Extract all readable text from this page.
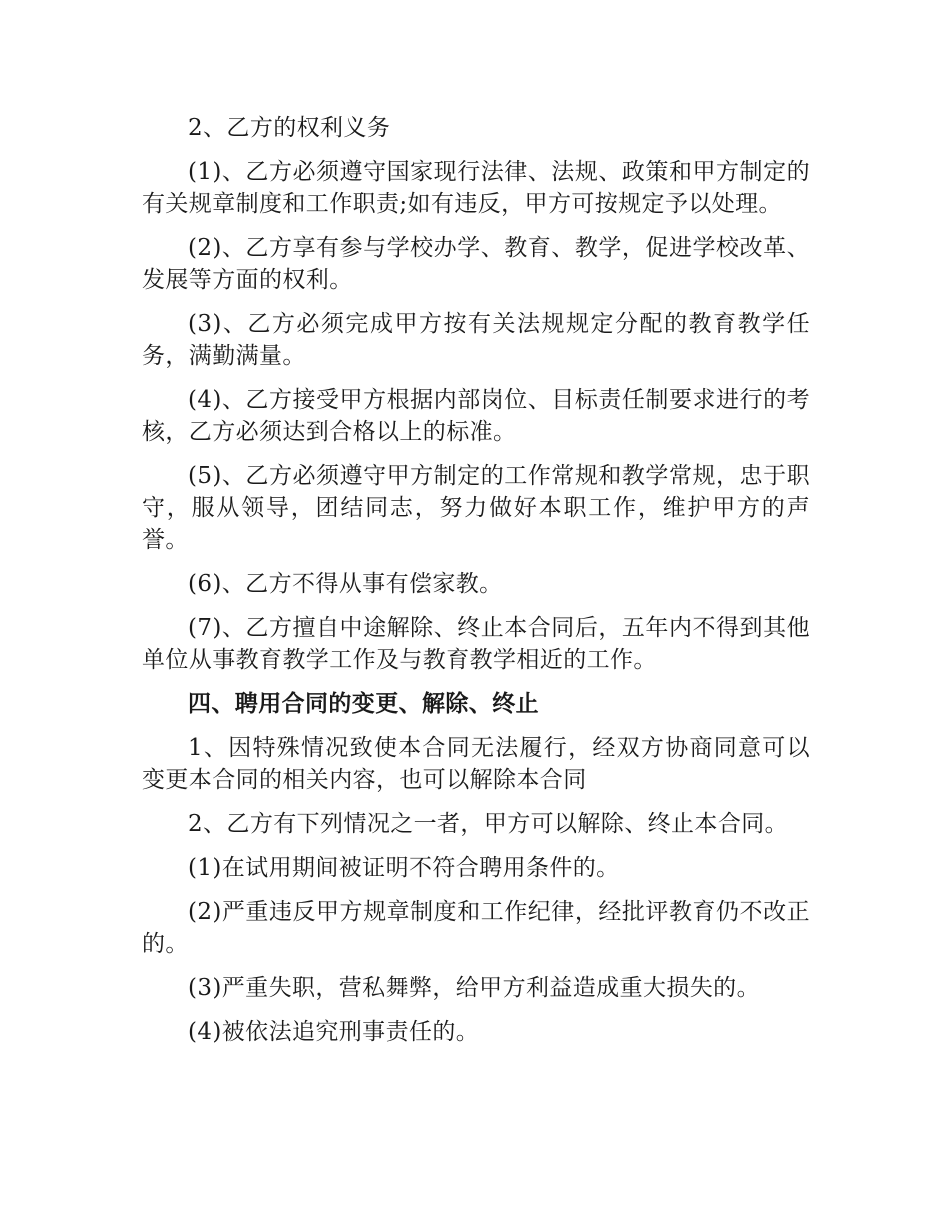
2、乙方的权利义务

(1)、乙方必须遵守国家现行法律、法规、政策和甲方制定的有关规章制度和工作职责;如有违反，甲方可按规定予以处理。

(2)、乙方享有参与学校办学、教育、教学，促进学校改革、发展等方面的权利。

(3)、乙方必须完成甲方按有关法规规定分配的教育教学任务，满勤满量。

(4)、乙方接受甲方根据内部岗位、目标责任制要求进行的考核，乙方必须达到合格以上的标准。

(5)、乙方必须遵守甲方制定的工作常规和教学常规，忠于职守，服从领导，团结同志，努力做好本职工作，维护甲方的声誉。

(6)、乙方不得从事有偿家教。

(7)、乙方擅自中途解除、终止本合同后，五年内不得到其他单位从事教育教学工作及与教育教学相近的工作。

四、聘用合同的变更、解除、终止

1、因特殊情况致使本合同无法履行，经双方协商同意可以变更本合同的相关内容，也可以解除本合同

2、乙方有下列情况之一者，甲方可以解除、终止本合同。

(1)在试用期间被证明不符合聘用条件的。

(2)严重违反甲方规章制度和工作纪律，经批评教育仍不改正的。

(3)严重失职，营私舞弊，给甲方利益造成重大损失的。

(4)被依法追究刑事责任的。
